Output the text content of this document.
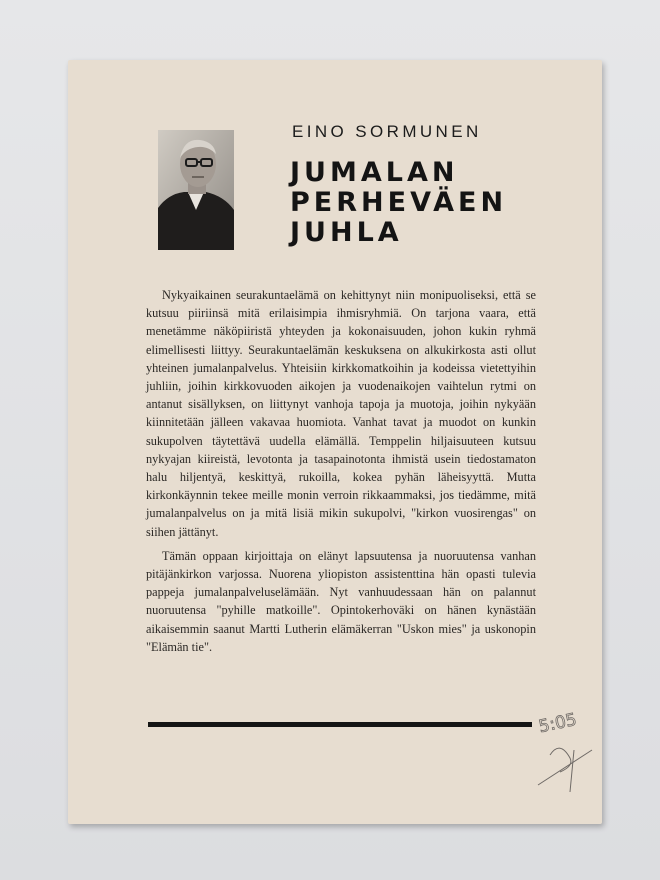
EINO SORMUNEN
JUMALAN
PERHEVÄEN
JUHLA

Nykyaikainen seurakuntaelämä on kehittynyt niin monipuoliseksi, että se kutsuu piiriinsä mitä erilaisimpia ihmisryhmiä. On tarjona vaara, että menetämme näköpiiristä yhteyden ja kokonaisuuden, johon kukin ryhmä elimellisesti liittyy. Seurakuntaelämän keskuksena on alkukirkosta asti ollut yhteinen jumalanpalvelus. Yhteisiin kirkkomatkoihin ja kodeissa vietettyihin juhliin, joihin kirkkovuoden aikojen ja vuodenaikojen vaihtelun rytmi on antanut sisällyksen, on liittynyt vanhoja tapoja ja muotoja, joihin nykyään kiinnitetään jälleen vakavaa huomiota. Vanhat tavat ja muodot on kunkin sukupolven täytettävä uudella elämällä. Temppelin hiljaisuuteen kutsuu nykyajan kiireistä, levotonta ja tasapainotonta ihmistä usein tiedostamaton halu hiljentyä, keskittyä, rukoilla, kokea pyhän läheisyyttä. Mutta kirkonkäynnin tekee meille monin verroin rikkaammaksi, jos tiedämme, mitä jumalanpalvelus on ja mitä lisiä mikin sukupolvi, "kirkon vuosirengas" on siihen jättänyt.

Tämän oppaan kirjoittaja on elänyt lapsuutensa ja nuoruutensa vanhan pitäjänkirkon varjossa. Nuorena yliopiston assistenttina hän opasti tulevia pappeja jumalanpalveluselämään. Nyt vanhuudessaan hän on palannut nuoruutensa "pyhille matkoille". Opintokerhoväki on hänen kynästään aikaisemmin saanut Martti Lutherin elämäkerran "Uskon mies" ja uskonopin "Elämän tie".

5:05
